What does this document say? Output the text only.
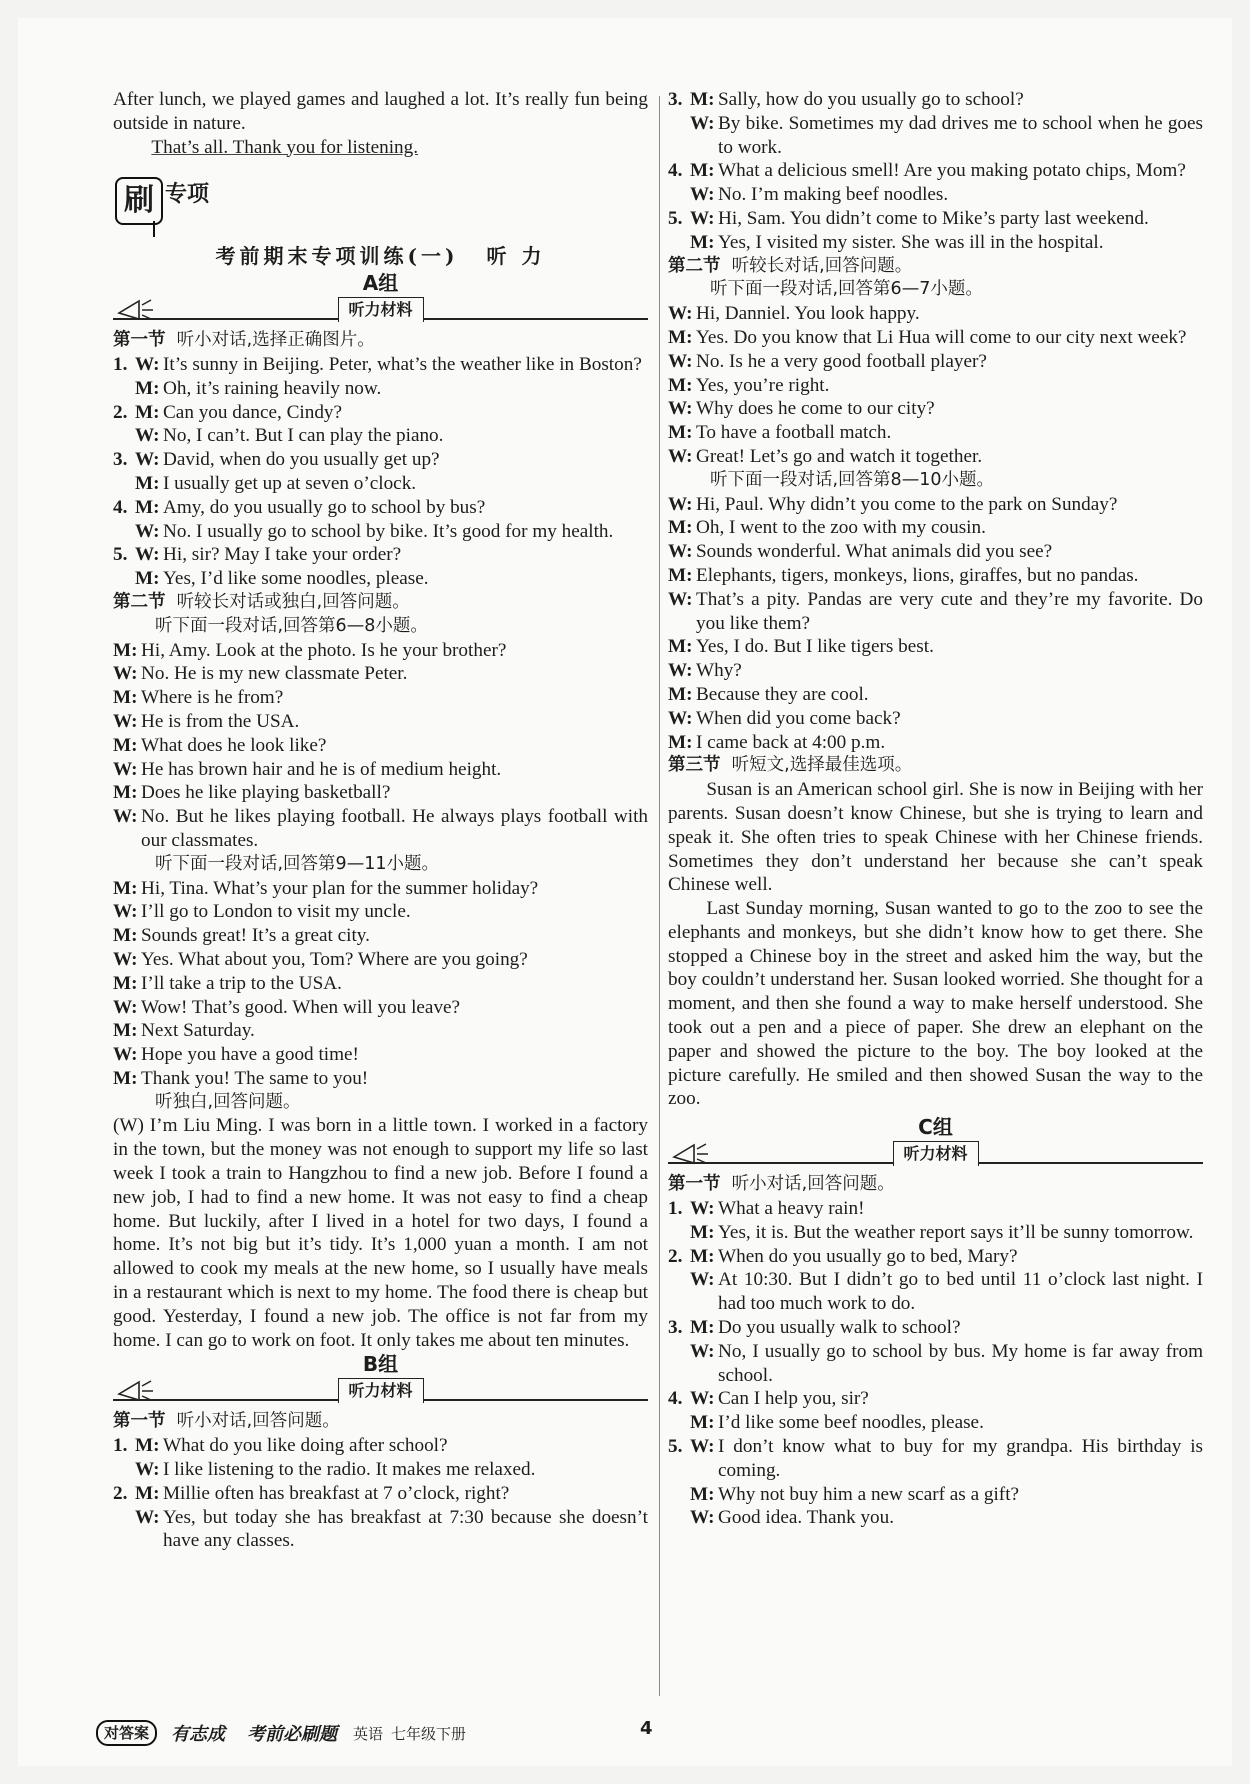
After lunch, we played games and laughed a lot. It’s really fun being outside in nature.

That’s all. Thank you for listening.

刷 专项
考前期末专项训练(一) 听 力
A组
听力材料

第一节 听小对话,选择正确图片。

1. W: It’s sunny in Beijing. Peter, what’s the weather like in Boston?
M: Oh, it’s raining heavily now.
2. M: Can you dance, Cindy?
W: No, I can’t. But I can play the piano.
3. W: David, when do you usually get up?
M: I usually get up at seven o’clock.
4. M: Amy, do you usually go to school by bus?
W: No. I usually go to school by bike. It’s good for my health.
5. W: Hi, sir? May I take your order?
M: Yes, I’d like some noodles, please.

第二节 听较长对话或独白,回答问题。

听下面一段对话,回答第6—8小题。

M: Hi, Amy. Look at the photo. Is he your brother?
W: No. He is my new classmate Peter.
M: Where is he from?
W: He is from the USA.
M: What does he look like?
W: He has brown hair and he is of medium height.
M: Does he like playing basketball?
W: No. But he likes playing football. He always plays football with our classmates.

听下面一段对话,回答第9—11小题。

M: Hi, Tina. What’s your plan for the summer holiday?
W: I’ll go to London to visit my uncle.
M: Sounds great! It’s a great city.
W: Yes. What about you, Tom? Where are you going?
M: I’ll take a trip to the USA.
W: Wow! That’s good. When will you leave?
M: Next Saturday.
W: Hope you have a good time!
M: Thank you! The same to you!

听独白,回答问题。

(W) I’m Liu Ming. I was born in a little town. I worked in a factory in the town, but the money was not enough to support my life so last week I took a train to Hangzhou to find a new job. Before I found a new job, I had to find a new home. It was not easy to find a cheap home. But luckily, after I lived in a hotel for two days, I found a home. It’s not big but it’s tidy. It’s 1,000 yuan a month. I am not allowed to cook my meals at the new home, so I usually have meals in a restaurant which is next to my home. The food there is cheap but good. Yesterday, I found a new job. The office is not far from my home. I can go to work on foot. It only takes me about ten minutes.

B组
听力材料

第一节 听小对话,回答问题。

1. M: What do you like doing after school?
W: I like listening to the radio. It makes me relaxed.
2. M: Millie often has breakfast at 7 o’clock, right?
W: Yes, but today she has breakfast at 7:30 because she doesn’t have any classes.
3. M: Sally, how do you usually go to school?
W: By bike. Sometimes my dad drives me to school when he goes to work.
4. M: What a delicious smell! Are you making potato chips, Mom?
W: No. I’m making beef noodles.
5. W: Hi, Sam. You didn’t come to Mike’s party last weekend.
M: Yes, I visited my sister. She was ill in the hospital.

第二节 听较长对话,回答问题。

听下面一段对话,回答第6—7小题。

W: Hi, Danniel. You look happy.
M: Yes. Do you know that Li Hua will come to our city next week?
W: No. Is he a very good football player?
M: Yes, you’re right.
W: Why does he come to our city?
M: To have a football match.
W: Great! Let’s go and watch it together.

听下面一段对话,回答第8—10小题。

W: Hi, Paul. Why didn’t you come to the park on Sunday?
M: Oh, I went to the zoo with my cousin.
W: Sounds wonderful. What animals did you see?
M: Elephants, tigers, monkeys, lions, giraffes, but no pandas.
W: That’s a pity. Pandas are very cute and they’re my favorite. Do you like them?
M: Yes, I do. But I like tigers best.
W: Why?
M: Because they are cool.
W: When did you come back?
M: I came back at 4:00 p.m.

第三节 听短文,选择最佳选项。

Susan is an American school girl. She is now in Beijing with her parents. Susan doesn’t know Chinese, but she is trying to learn and speak it. She often tries to speak Chinese with her Chinese friends. Sometimes they don’t understand her because she can’t speak Chinese well.

Last Sunday morning, Susan wanted to go to the zoo to see the elephants and monkeys, but she didn’t know how to get there. She stopped a Chinese boy in the street and asked him the way, but the boy couldn’t understand her. Susan looked worried. She thought for a moment, and then she found a way to make herself understood. She took out a pen and a piece of paper. She drew an elephant on the paper and showed the picture to the boy. The boy looked at the picture carefully. He smiled and then showed Susan the way to the zoo.

C组
听力材料

第一节 听小对话,回答问题。

1. W: What a heavy rain!
M: Yes, it is. But the weather report says it’ll be sunny tomorrow.
2. M: When do you usually go to bed, Mary?
W: At 10:30. But I didn’t go to bed until 11 o’clock last night. I had too much work to do.
3. M: Do you usually walk to school?
W: No, I usually go to school by bus. My home is far away from school.
4. W: Can I help you, sir?
M: I’d like some beef noodles, please.
5. W: I don’t know what to buy for my grandpa. His birthday is coming.
M: Why not buy him a new scarf as a gift?
W: Good idea. Thank you.
对答案	有志成 考前必刷题 英语 七年级下册	4
